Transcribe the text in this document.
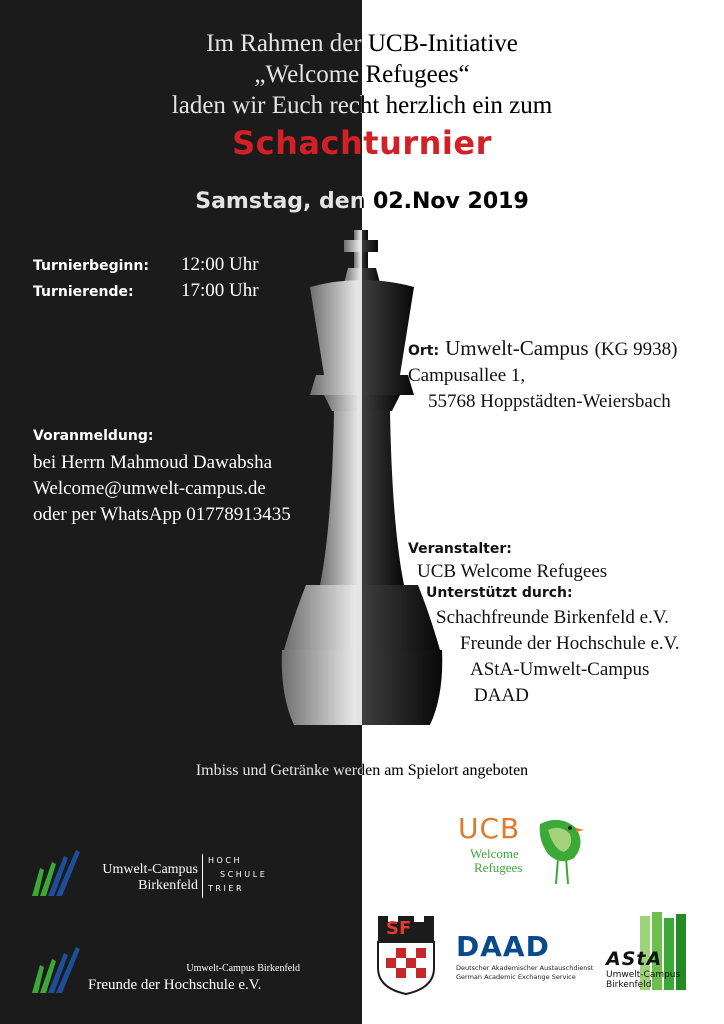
Im Rahmen der UCB-Initiative
„Welcome Refugees“
laden wir Euch recht herzlich ein zum
Schachturnier
Samstag, den 02.Nov 2019
Turnierbeginn:	12:00 Uhr
Turnierende:	17:00 Uhr
Voranmeldung:
bei Herrn Mahmoud Dawabsha
Welcome@umwelt-campus.de
oder per WhatsApp 01778913435
Ort: Umwelt-Campus (KG 9938)
Campusallee 1,
55768 Hoppstädten-Weiersbach
Veranstalter:
UCB Welcome Refugees
Unterstützt durch:
Schachfreunde Birkenfeld e.V.
Freunde der Hochschule e.V.
AStA-Umwelt-Campus
DAAD
Imbiss und Getränke werden am Spielort angeboten
Umwelt-Campus
Birkenfeld
H O C H
S C H U L E
T R I E R
Umwelt-Campus Birkenfeld
Freunde der Hochschule e.V.
UCB
Welcome
Refugees
SF
DAAD
Deutscher Akademischer Austauschdienst
German Academic Exchange Service
AStA
Umwelt-Campus
Birkenfeld
